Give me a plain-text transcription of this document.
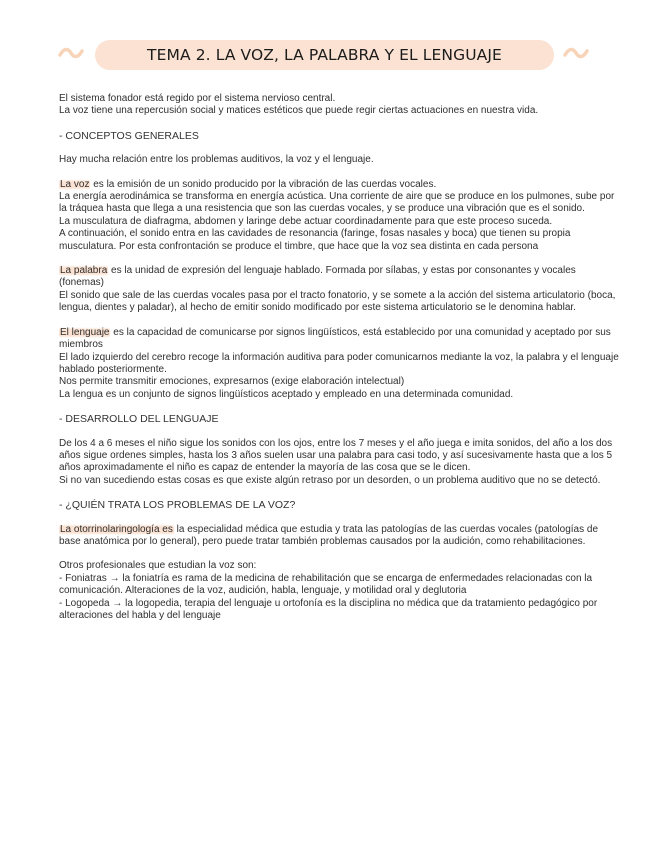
TEMA 2. LA VOZ, LA PALABRA Y EL LENGUAJE

El sistema fonador está regido por el sistema nervioso central.

La voz tiene una repercusión social y matices estéticos que puede regir ciertas actuaciones en nuestra vida.

- CONCEPTOS GENERALES

Hay mucha relación entre los problemas auditivos, la voz y el lenguaje.

La voz es la emisión de un sonido producido por la vibración de las cuerdas vocales.

La energía aerodinámica se transforma en energía acústica. Una corriente de aire que se produce en los pulmones, sube por la tráquea hasta que llega a una resistencia que son las cuerdas vocales, y se produce una vibración que es el sonido.

La musculatura de diafragma, abdomen y laringe debe actuar coordinadamente para que este proceso suceda.

A continuación, el sonido entra en las cavidades de resonancia (faringe, fosas nasales y boca) que tienen su propia musculatura. Por esta confrontación se produce el timbre, que hace que la voz sea distinta en cada persona

La palabra es la unidad de expresión del lenguaje hablado. Formada por sílabas, y estas por consonantes y vocales (fonemas)

El sonido que sale de las cuerdas vocales pasa por el tracto fonatorio, y se somete a la acción del sistema articulatorio (boca, lengua, dientes y paladar), al hecho de emitir sonido modificado por este sistema articulatorio se le denomina hablar.

El lenguaje es la capacidad de comunicarse por signos lingüísticos, está establecido por una comunidad y aceptado por sus miembros

El lado izquierdo del cerebro recoge la información auditiva para poder comunicarnos mediante la voz, la palabra y el lenguaje hablado posteriormente.

Nos permite transmitir emociones, expresarnos (exige elaboración intelectual)

La lengua es un conjunto de signos lingüísticos aceptado y empleado en una determinada comunidad.

- DESARROLLO DEL LENGUAJE

De los 4 a 6 meses el niño sigue los sonidos con los ojos, entre los 7 meses y el año juega e imita sonidos, del año a los dos años sigue ordenes simples, hasta los 3 años suelen usar una palabra para casi todo, y así sucesivamente hasta que a los 5 años aproximadamente el niño es capaz de entender la mayoría de las cosa que se le dicen.

Si no van sucediendo estas cosas es que existe algún retraso por un desorden, o un problema auditivo que no se detectó.

- ¿QUIÉN TRATA LOS PROBLEMAS DE LA VOZ?

La otorrinolaringología es la especialidad médica que estudia y trata las patologías de las cuerdas vocales (patologías de base anatómica por lo general), pero puede tratar también problemas causados por la audición, como rehabilitaciones.

Otros profesionales que estudian la voz son:

- Foniatras → la foniatría es rama de la medicina de rehabilitación que se encarga de enfermedades relacionadas con la comunicación. Alteraciones de la voz, audición, habla, lenguaje, y motilidad oral y deglutoria

- Logopeda → la logopedia, terapia del lenguaje u ortofonía es la disciplina no médica que da tratamiento pedagógico por alteraciones del habla y del lenguaje
